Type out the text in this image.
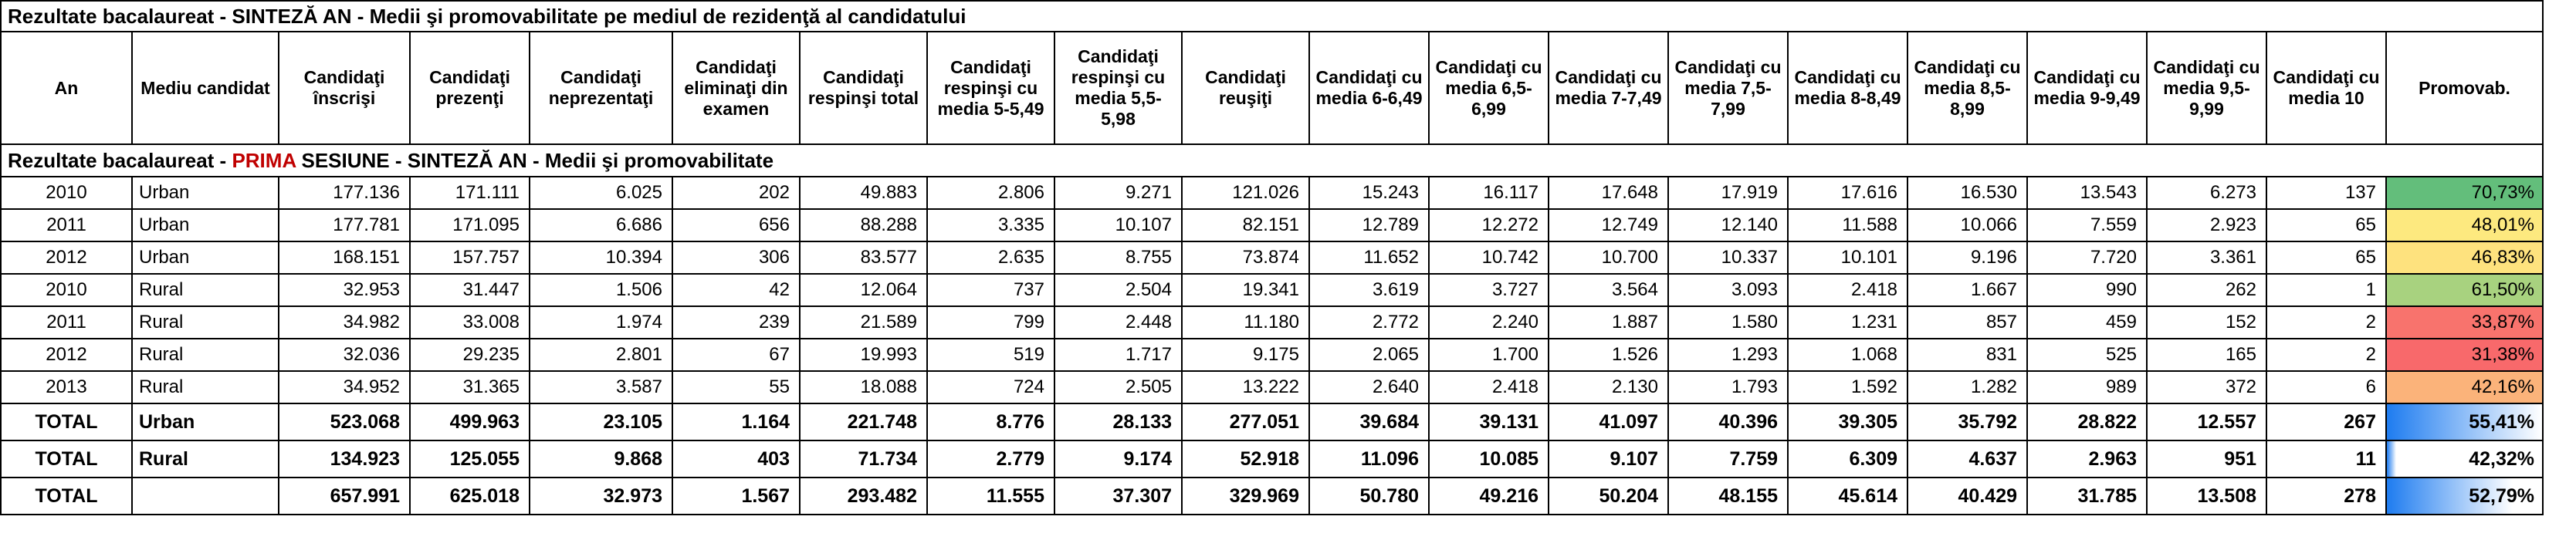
Rezultate bacalaureat - SINTEZĂ AN - Medii şi promovabilitate pe mediul de rezidenţă al candidatului																			
An	Mediu candidat	Candidaţi înscrişi	Candidaţi prezenţi	Candidaţi neprezentaţi	Candidaţi eliminaţi din examen	Candidaţi respinşi total	Candidaţi respinşi cu media 5-5,49	Candidaţi respinşi cu media 5,5-5,98	Candidaţi reuşiţi	Candidaţi cu media 6-6,49	Candidaţi cu media 6,5-6,99	Candidaţi cu media 7-7,49	Candidaţi cu media 7,5-7,99	Candidaţi cu media 8-8,49	Candidaţi cu media 8,5-8,99	Candidaţi cu media 9-9,49	Candidaţi cu media 9,5-9,99	Candidaţi cu media 10	Promovab.
Rezultate bacalaureat - PRIMA SESIUNE - SINTEZĂ AN - Medii şi promovabilitate																			
2010	Urban	177.136	171.111	6.025	202	49.883	2.806	9.271	121.026	15.243	16.117	17.648	17.919	17.616	16.530	13.543	6.273	137	70,73%

2011	Urban	177.781	171.095	6.686	656	88.288	3.335	10.107	82.151	12.789	12.272	12.749	12.140	11.588	10.066	7.559	2.923	65	48,01%

2012	Urban	168.151	157.757	10.394	306	83.577	2.635	8.755	73.874	11.652	10.742	10.700	10.337	10.101	9.196	7.720	3.361	65	46,83%

2010	Rural	32.953	31.447	1.506	42	12.064	737	2.504	19.341	3.619	3.727	3.564	3.093	2.418	1.667	990	262	1	61,50%

2011	Rural	34.982	33.008	1.974	239	21.589	799	2.448	11.180	2.772	2.240	1.887	1.580	1.231	857	459	152	2	33,87%

2012	Rural	32.036	29.235	2.801	67	19.993	519	1.717	9.175	2.065	1.700	1.526	1.293	1.068	831	525	165	2	31,38%

2013	Rural	34.952	31.365	3.587	55	18.088	724	2.505	13.222	2.640	2.418	2.130	1.793	1.592	1.282	989	372	6	42,16%

TOTAL	Urban	523.068	499.963	23.105	1.164	221.748	8.776	28.133	277.051	39.684	39.131	41.097	40.396	39.305	35.792	28.822	12.557	267	55,41%

TOTAL	Rural	134.923	125.055	9.868	403	71.734	2.779	9.174	52.918	11.096	10.085	9.107	7.759	6.309	4.637	2.963	951	11	42,32%

TOTAL		657.991	625.018	32.973	1.567	293.482	11.555	37.307	329.969	50.780	49.216	50.204	48.155	45.614	40.429	31.785	13.508	278	52,79%
